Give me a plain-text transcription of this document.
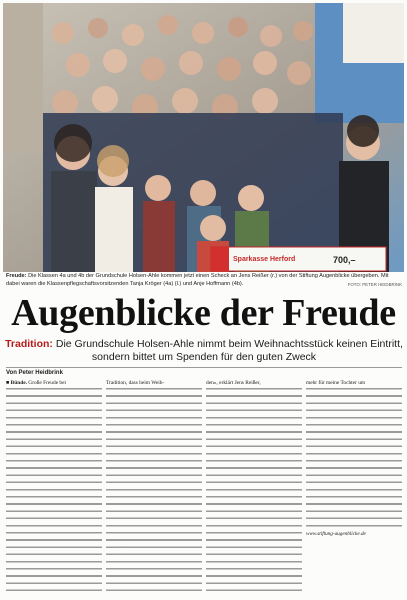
Sparkasse Herford	700,–
Freude: Die Klassen 4a und 4b der Grundschule Holsen-Ahle kommen jetzt einen Scheck an Jens Reißer (r.) von der Stiftung Augenblicke übergeben. Mit dabei waren die Klassenpflegschaftsvorsitzenden Tanja Kröger (4a) (l.) und Anje Hoffmann (4b).	FOTO: PETER HEIDBRINK
Augenblicke der Freude
Tradition: Die Grundschule Holsen-Ahle nimmt beim Weihnachtsstück keinen Eintritt, sondern bittet um Spenden für den guten Zweck
Von Peter Heidbrink

■ Bünde. Große Freude bei	Tradition, dass beim Weih-	den«, erklärt Jens Reißer,	mehr für meine Tochter um

www.stiftung-augenblicke.de
